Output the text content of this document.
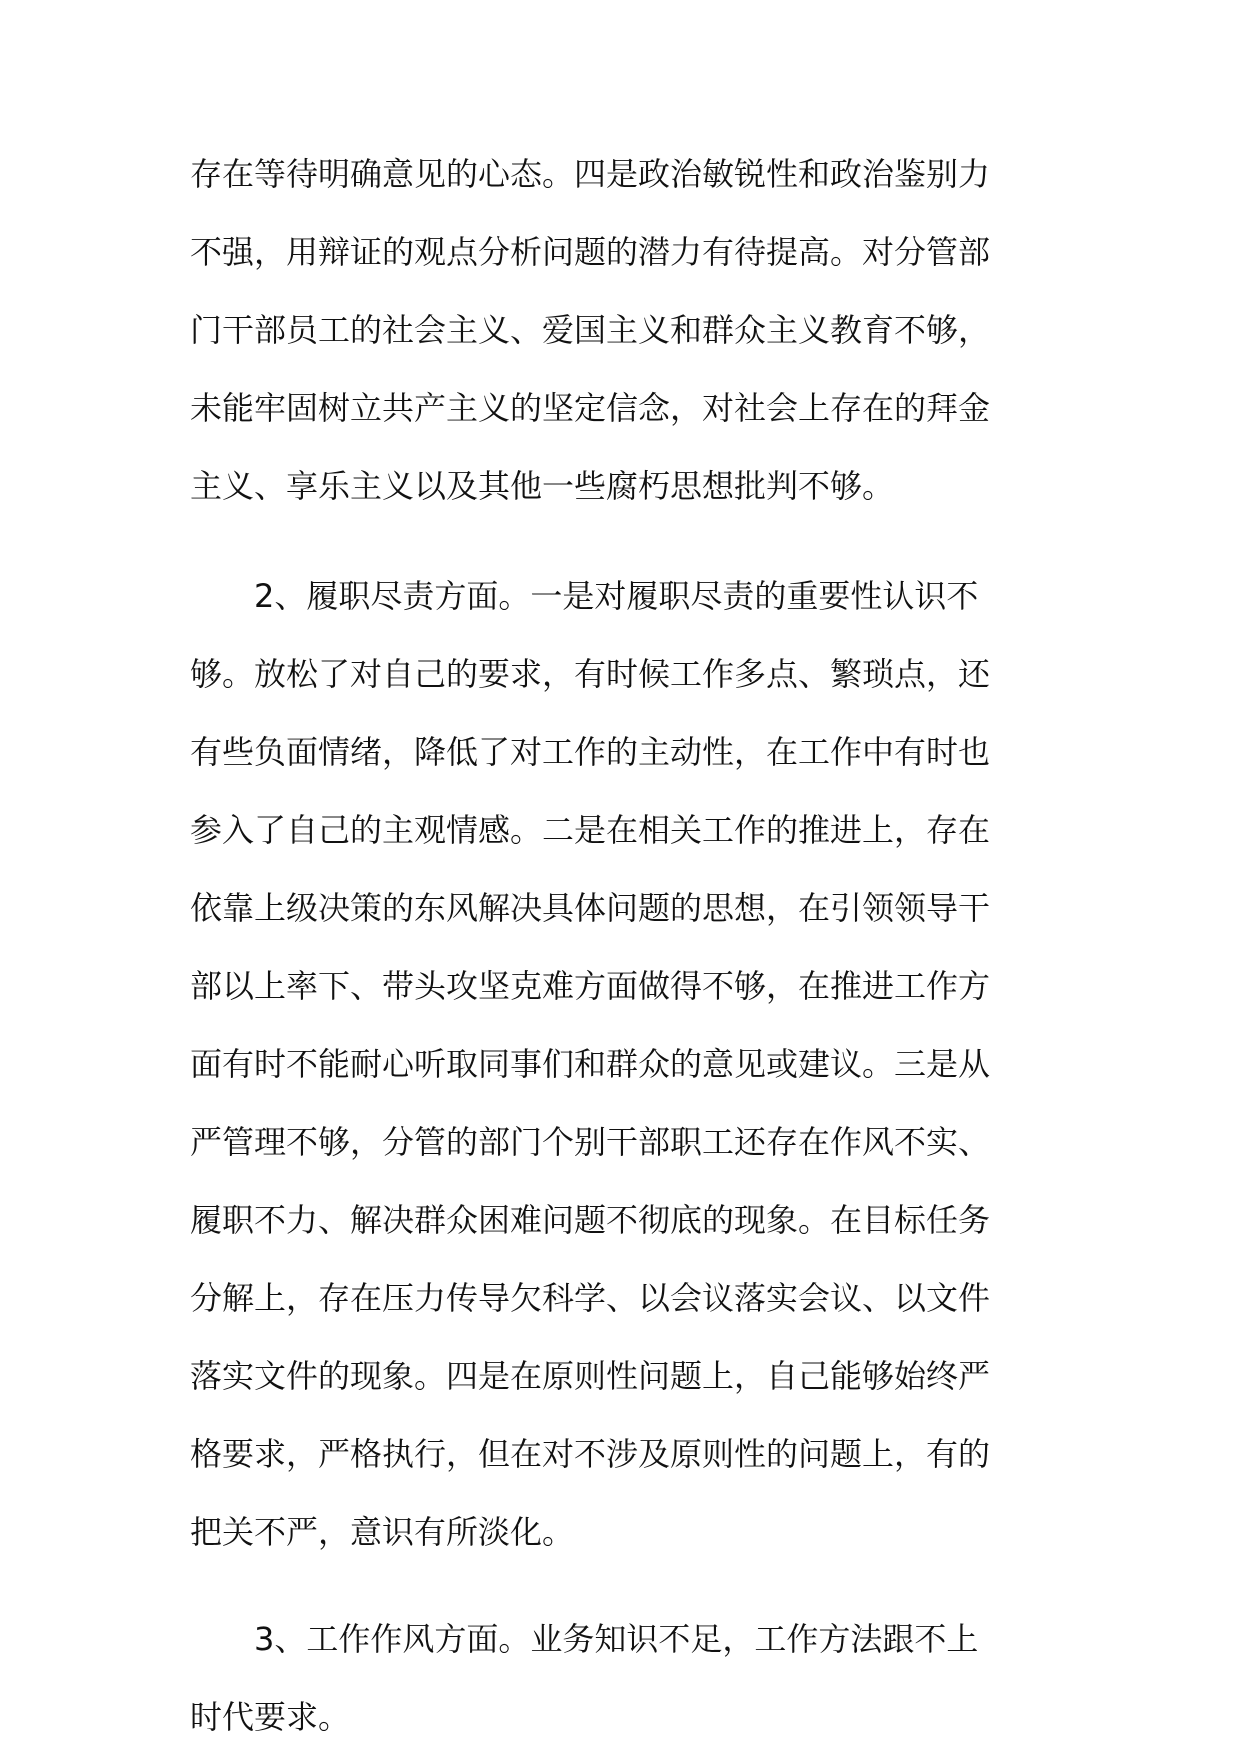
存在等待明确意见的心态。四是政治敏锐性和政治鉴别力
不强，用辩证的观点分析问题的潜力有待提高。对分管部
门干部员工的社会主义、爱国主义和群众主义教育不够，
未能牢固树立共产主义的坚定信念，对社会上存在的拜金
主义、享乐主义以及其他一些腐朽思想批判不够。
2、履职尽责方面。一是对履职尽责的重要性认识不
够。放松了对自己的要求，有时候工作多点、繁琐点，还
有些负面情绪，降低了对工作的主动性，在工作中有时也
参入了自己的主观情感。二是在相关工作的推进上，存在
依靠上级决策的东风解决具体问题的思想，在引领领导干
部以上率下、带头攻坚克难方面做得不够，在推进工作方
面有时不能耐心听取同事们和群众的意见或建议。三是从
严管理不够，分管的部门个别干部职工还存在作风不实、
履职不力、解决群众困难问题不彻底的现象。在目标任务
分解上，存在压力传导欠科学、以会议落实会议、以文件
落实文件的现象。四是在原则性问题上，自己能够始终严
格要求，严格执行，但在对不涉及原则性的问题上，有的
把关不严，意识有所淡化。
3、工作作风方面。业务知识不足，工作方法跟不上
时代要求。
